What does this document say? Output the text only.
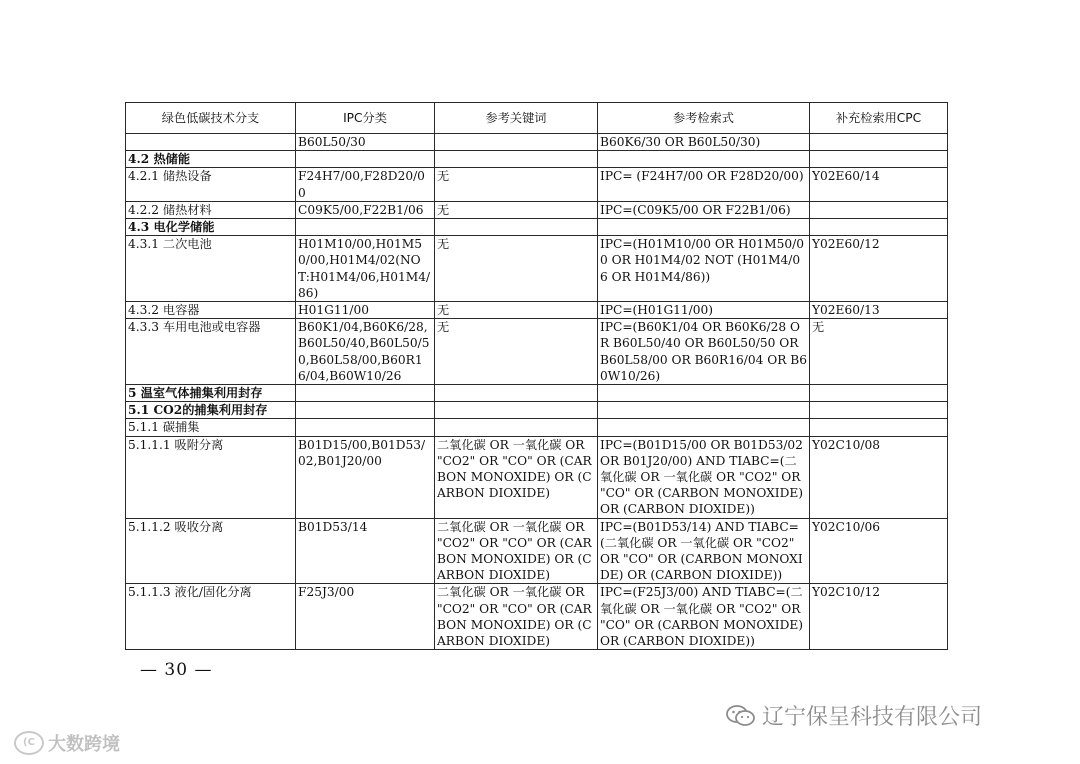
绿色低碳技术分支	IPC分类	参考关键词	参考检索式	补充检索用CPC
	B60L50/30		B60K6/30 OR B60L50/30)	
4.2 热储能				
4.2.1 储热设备	F24H7/00,F28D20/00	无	IPC= (F24H7/00 OR F28D20/00)	Y02E60/14
4.2.2 储热材料	C09K5/00,F22B1/06	无	IPC=(C09K5/00 OR F22B1/06)	
4.3 电化学储能				
4.3.1 二次电池	H01M10/00,H01M50/00,H01M4/02(NOT:H01M4/06,H01M4/86)	无	IPC=(H01M10/00 OR H01M50/00 OR H01M4/02 NOT (H01M4/06 OR H01M4/86))	Y02E60/12
4.3.2 电容器	H01G11/00	无	IPC=(H01G11/00)	Y02E60/13
4.3.3 车用电池或电容器	B60K1/04,B60K6/28,B60L50/40,B60L50/50,B60L58/00,B60R16/04,B60W10/26	无	IPC=(B60K1/04 OR B60K6/28 OR B60L50/40 OR B60L50/50 OR B60L58/00 OR B60R16/04 OR B60W10/26)	无
5 温室气体捕集利用封存				
5.1 CO2的捕集利用封存				
5.1.1 碳捕集				
5.1.1.1 吸附分离	B01D15/00,B01D53/02,B01J20/00	二氧化碳 OR 一氧化碳 OR "CO2" OR "CO" OR (CARBON MONOXIDE) OR (CARBON DIOXIDE)	IPC=(B01D15/00 OR B01D53/02 OR B01J20/00) AND TIABC=(二氧化碳 OR 一氧化碳 OR "CO2" OR "CO" OR (CARBON MONOXIDE) OR (CARBON DIOXIDE))	Y02C10/08
5.1.1.2 吸收分离	B01D53/14	二氧化碳 OR 一氧化碳 OR "CO2" OR "CO" OR (CARBON MONOXIDE) OR (CARBON DIOXIDE)	IPC=(B01D53/14) AND TIABC=(二氧化碳 OR 一氧化碳 OR "CO2" OR "CO" OR (CARBON MONOXIDE) OR (CARBON DIOXIDE))	Y02C10/06
5.1.1.3 液化/固化分离	F25J3/00	二氧化碳 OR 一氧化碳 OR "CO2" OR "CO" OR (CARBON MONOXIDE) OR (CARBON DIOXIDE)	IPC=(F25J3/00) AND TIABC=(二氧化碳 OR 一氧化碳 OR "CO2" OR "CO" OR (CARBON MONOXIDE) OR (CARBON DIOXIDE))	Y02C10/12
— 30 —
(C 大数跨境
辽宁保呈科技有限公司
